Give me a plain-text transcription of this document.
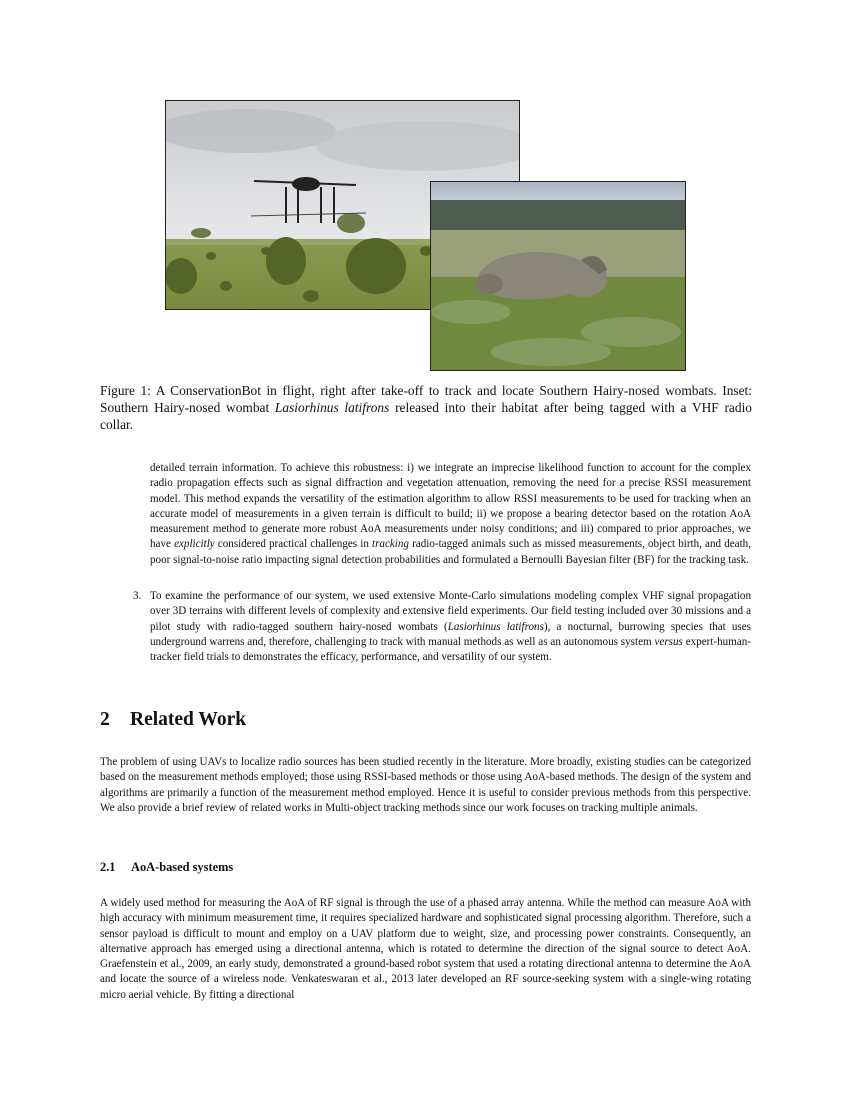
Figure 1: A ConservationBot in flight, right after take-off to track and locate Southern Hairy-nosed wombats. Inset: Southern Hairy-nosed wombat Lasiorhinus latifrons released into their habitat after being tagged with a VHF radio collar.
detailed terrain information. To achieve this robustness: i) we integrate an imprecise likelihood function to account for the complex radio propagation effects such as signal diffraction and vegetation attenuation, removing the need for a precise RSSI measurement model. This method expands the versatility of the estimation algorithm to allow RSSI measurements to be used for tracking when an accurate model of measurements in a given terrain is difficult to build; ii) we propose a bearing detector based on the rotation AoA measurement method to generate more robust AoA measurements under noisy conditions; and iii) compared to prior approaches, we have explicitly considered practical challenges in tracking radio-tagged animals such as missed measurements, object birth, and death, poor signal-to-noise ratio impacting signal detection probabilities and formulated a Bernoulli Bayesian filter (BF) for the tracking task.
3. To examine the performance of our system, we used extensive Monte-Carlo simulations modeling complex VHF signal propagation over 3D terrains with different levels of complexity and extensive field experiments. Our field testing included over 30 missions and a pilot study with radio-tagged southern hairy-nosed wombats (Lasiorhinus latifrons), a nocturnal, burrowing species that uses underground warrens and, therefore, challenging to track with manual methods as well as an autonomous system versus expert-human-tracker field trials to demonstrates the efficacy, performance, and versatility of our system.
2 Related Work
The problem of using UAVs to localize radio sources has been studied recently in the literature. More broadly, existing studies can be categorized based on the measurement methods employed; those using RSSI-based methods or those using AoA-based methods. The design of the system and algorithms are primarily a function of the measurement method employed. Hence it is useful to consider previous methods from this perspective. We also provide a brief review of related works in Multi-object tracking methods since our work focuses on tracking multiple animals.
2.1 AoA-based systems
A widely used method for measuring the AoA of RF signal is through the use of a phased array antenna. While the method can measure AoA with high accuracy with minimum measurement time, it requires specialized hardware and sophisticated signal processing algorithm. Therefore, such a sensor payload is difficult to mount and employ on a UAV platform due to weight, size, and processing power constraints. Consequently, an alternative approach has emerged using a directional antenna, which is rotated to determine the direction of the signal source to detect AoA. Graefenstein et al., 2009, an early study, demonstrated a ground-based robot system that used a rotating directional antenna to determine the AoA and locate the source of a wireless node. Venkateswaran et al., 2013 later developed an RF source-seeking system with a single-wing rotating micro aerial vehicle. By fitting a directional
